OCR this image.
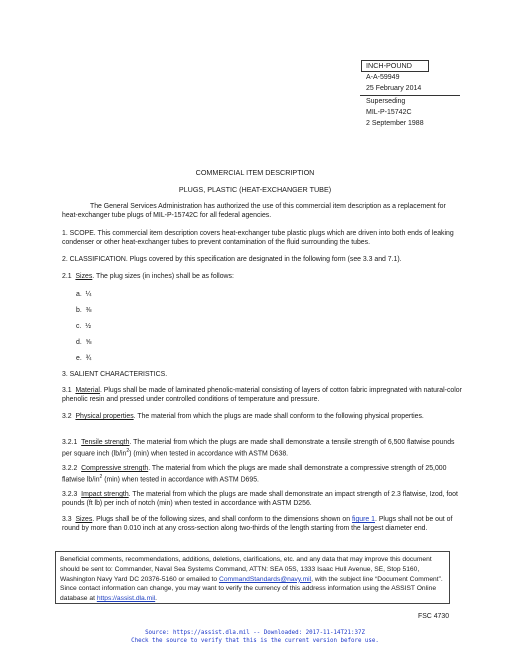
INCH-POUND
A-A-59949
25 February 2014
Superseding
MIL-P-15742C
2 September 1988
COMMERCIAL ITEM DESCRIPTION
PLUGS, PLASTIC (HEAT-EXCHANGER TUBE)
The General Services Administration has authorized the use of this commercial item description as a replacement for heat-exchanger tube plugs of MIL-P-15742C for all federal agencies.
1. SCOPE. This commercial item description covers heat-exchanger tube plastic plugs which are driven into both ends of leaking condenser or other heat-exchanger tubes to prevent contamination of the fluid surrounding the tubes.
2. CLASSIFICATION. Plugs covered by this specification are designated in the following form (see 3.3 and 7.1).
2.1 Sizes. The plug sizes (in inches) shall be as follows:
a. ¼
b. ⅜
c. ½
d. ⅝
e. ¾
3. SALIENT CHARACTERISTICS.
3.1 Material. Plugs shall be made of laminated phenolic-material consisting of layers of cotton fabric impregnated with natural-color phenolic resin and pressed under controlled conditions of temperature and pressure.
3.2 Physical properties. The material from which the plugs are made shall conform to the following physical properties.
3.2.1 Tensile strength. The material from which the plugs are made shall demonstrate a tensile strength of 6,500 flatwise pounds per square inch $(lb/in^2)$ (min) when tested in accordance with ASTM D638.
3.2.2 Compressive strength. The material from which the plugs are made shall demonstrate a compressive strength of 25,000 flatwise $lb/in^2$ (min) when tested in accordance with ASTM D695.
3.2.3 Impact strength. The material from which the plugs are made shall demonstrate an impact strength of 2.3 flatwise, Izod, foot pounds (ft lb) per inch of notch (min) when tested in accordance with ASTM D256.
3.3 Sizes. Plugs shall be of the following sizes, and shall conform to the dimensions shown on figure 1. Plugs shall not be out of round by more than 0.010 inch at any cross-section along two-thirds of the length starting from the largest diameter end.
Beneficial comments, recommendations, additions, deletions, clarifications, etc. and any data that may improve this document should be sent to: Commander, Naval Sea Systems Command, ATTN: SEA 05S, 1333 Isaac Hull Avenue, SE, Stop 5160, Washington Navy Yard DC 20376-5160 or emailed to CommandStandards@navy.mil, with the subject line “Document Comment”. Since contact information can change, you may want to verify the currency of this address information using the ASSIST Online database at https://assist.dla.mil.
FSC 4730
Source: https://assist.dla.mil -- Downloaded: 2017-11-14T21:37Z
Check the source to verify that this is the current version before use.
